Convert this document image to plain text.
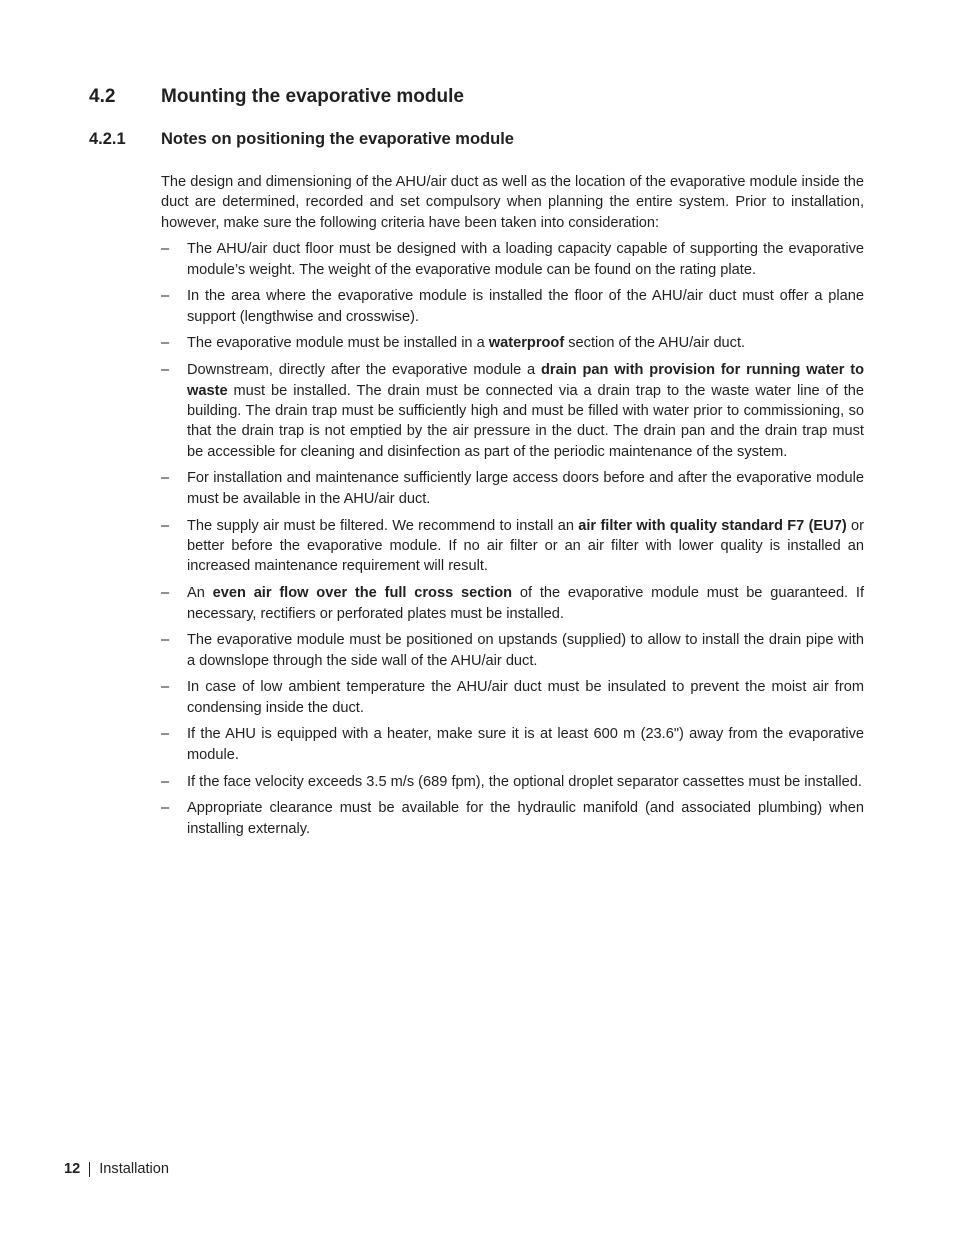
4.2	Mounting the evaporative module
4.2.1	Notes on positioning the evaporative module

The design and dimensioning of the AHU/air duct as well as the location of the evaporative module inside the duct are determined, recorded and set compulsory when planning the entire system. Prior to installation, however, make sure the following criteria have been taken into consideration:

– The AHU/air duct floor must be designed with a loading capacity capable of supporting the evaporative module’s weight. The weight of the evaporative module can be found on the rating plate.
– In the area where the evaporative module is installed the floor of the AHU/air duct must offer a plane support (lengthwise and crosswise).
– The evaporative module must be installed in a waterproof section of the AHU/air duct.
– Downstream, directly after the evaporative module a drain pan with provision for running water to waste must be installed. The drain must be connected via a drain trap to the waste water line of the building. The drain trap must be sufficiently high and must be filled with water prior to commissioning, so that the drain trap is not emptied by the air pressure in the duct. The drain pan and the drain trap must be accessible for cleaning and disinfection as part of the periodic maintenance of the system.
– For installation and maintenance sufficiently large access doors before and after the evaporative module must be available in the AHU/air duct.
– The supply air must be filtered. We recommend to install an air filter with quality standard F7 (EU7) or better before the evaporative module. If no air filter or an air filter with lower quality is installed an increased maintenance requirement will result.
– An even air flow over the full cross section of the evaporative module must be guaranteed. If necessary, rectifiers or perforated plates must be installed.
– The evaporative module must be positioned on upstands (supplied) to allow to install the drain pipe with a downslope through the side wall of the AHU/air duct.
– In case of low ambient temperature the AHU/air duct must be insulated to prevent the moist air from condensing inside the duct.
– If the AHU is equipped with a heater, make sure it is at least 600 m (23.6") away from the evaporative module.
– If the face velocity exceeds 3.5 m/s (689 fpm), the optional droplet separator cassettes must be installed.
– Appropriate clearance must be available for the hydraulic manifold (and associated plumbing) when installing externaly.
12 Installation
